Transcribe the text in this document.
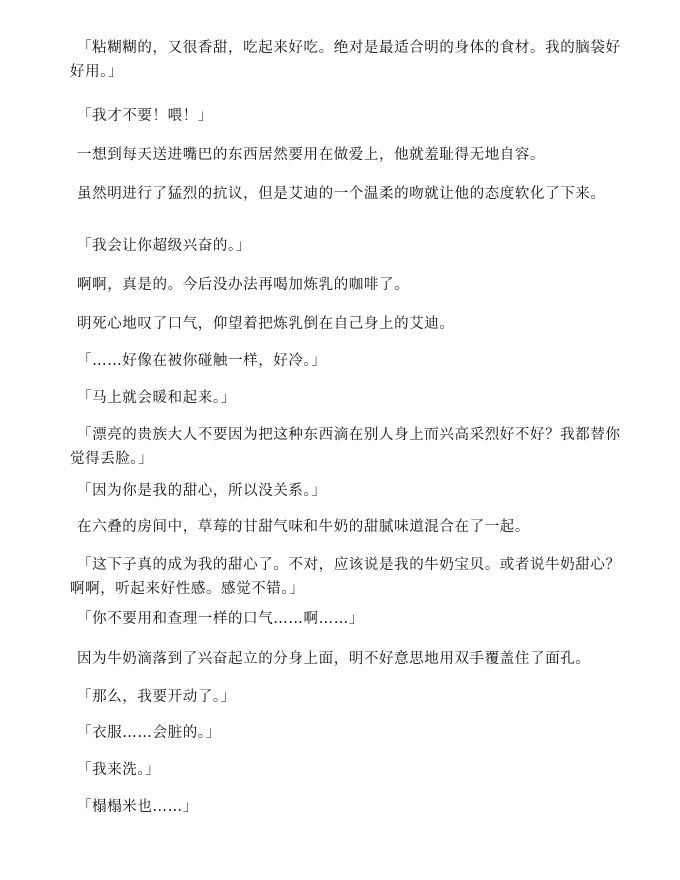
「粘糊糊的，又很香甜，吃起来好吃。绝对是最适合明的身体的食材。我的脑袋好好用。」

「我才不要！喂！」

一想到每天送进嘴巴的东西居然要用在做爱上，他就羞耻得无地自容。

虽然明进行了猛烈的抗议，但是艾迪的一个温柔的吻就让他的态度软化了下来。

「我会让你超级兴奋的。」

啊啊，真是的。今后没办法再喝加炼乳的咖啡了。

明死心地叹了口气，仰望着把炼乳倒在自己身上的艾迪。

「……好像在被你碰触一样，好冷。」

「马上就会暖和起来。」

「漂亮的贵族大人不要因为把这种东西滴在别人身上而兴高采烈好不好？我都替你觉得丢脸。」

「因为你是我的甜心，所以没关系。」

在六叠的房间中，草莓的甘甜气味和牛奶的甜腻味道混合在了一起。

「这下子真的成为我的甜心了。不对，应该说是我的牛奶宝贝。或者说牛奶甜心？啊啊，听起来好性感。感觉不错。」

「你不要用和查理一样的口气……啊……」

因为牛奶滴落到了兴奋起立的分身上面，明不好意思地用双手覆盖住了面孔。

「那么，我要开动了。」

「衣服……会脏的。」

「我来洗。」

「榻榻米也……」
